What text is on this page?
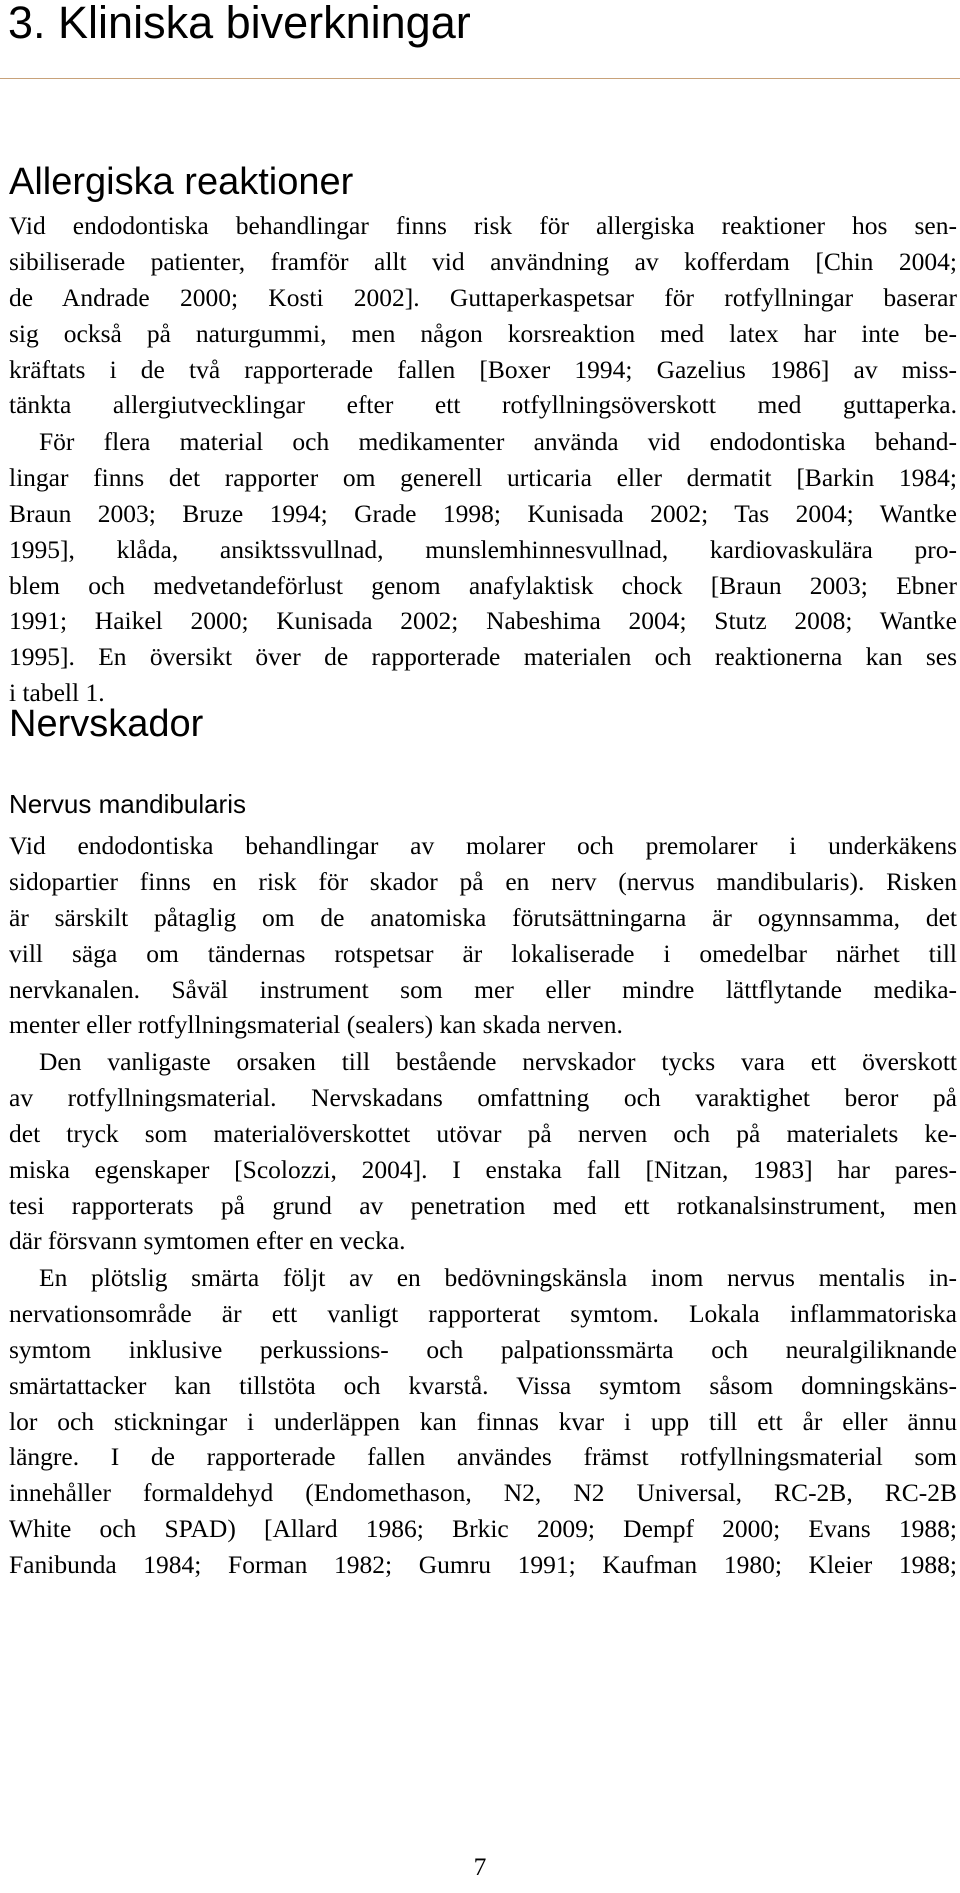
3. Kliniska biverkningar
Allergiska reaktioner
Vid endodontiska behandlingar finns risk för allergiska reaktioner hos sen-
sibiliserade patienter, framför allt vid användning av kofferdam [Chin 2004;
de Andrade 2000; Kosti 2002]. Guttaperkaspetsar för rotfyllningar baserar
sig också på naturgummi, men någon korsreaktion med latex har inte be-
kräftats i de två rapporterade fallen [Boxer 1994; Gazelius 1986] av miss-
tänkta allergiutvecklingar efter ett rotfyllningsöverskott med guttaperka.
För flera material och medikamenter använda vid endodontiska behand-
lingar finns det rapporter om generell urticaria eller dermatit [Barkin 1984;
Braun 2003; Bruze 1994; Grade 1998; Kunisada 2002; Tas 2004; Wantke
1995], klåda, ansiktssvullnad, munslemhinnesvullnad, kardiovaskulära pro-
blem och medvetandeförlust genom anafylaktisk chock [Braun 2003; Ebner
1991; Haikel 2000; Kunisada 2002; Nabeshima 2004; Stutz 2008; Wantke
1995]. En översikt över de rapporterade materialen och reaktionerna kan ses
i tabell 1.
Nervskador
Nervus mandibularis
Vid endodontiska behandlingar av molarer och premolarer i underkäkens
sidopartier finns en risk för skador på en nerv (nervus mandibularis). Risken
är särskilt påtaglig om de anatomiska förutsättningarna är ogynnsamma, det
vill säga om tändernas rotspetsar är lokaliserade i omedelbar närhet till
nervkanalen. Såväl instrument som mer eller mindre lättflytande medika-
menter eller rotfyllningsmaterial (sealers) kan skada nerven.
Den vanligaste orsaken till bestående nervskador tycks vara ett överskott
av rotfyllningsmaterial. Nervskadans omfattning och varaktighet beror på
det tryck som materialöverskottet utövar på nerven och på materialets ke-
miska egenskaper [Scolozzi, 2004]. I enstaka fall [Nitzan, 1983] har pares-
tesi rapporterats på grund av penetration med ett rotkanalsinstrument, men
där försvann symtomen efter en vecka.
En plötslig smärta följt av en bedövningskänsla inom nervus mentalis in-
nervationsområde är ett vanligt rapporterat symtom. Lokala inflammatoriska
symtom inklusive perkussions- och palpationssmärta och neuralgiliknande
smärtattacker kan tillstöta och kvarstå. Vissa symtom såsom domningskäns-
lor och stickningar i underläppen kan finnas kvar i upp till ett år eller ännu
längre. I de rapporterade fallen användes främst rotfyllningsmaterial som
innehåller formaldehyd (Endomethason, N2, N2 Universal, RC-2B, RC-2B
White och SPAD) [Allard 1986; Brkic 2009; Dempf 2000; Evans 1988;
Fanibunda 1984; Forman 1982; Gumru 1991; Kaufman 1980; Kleier 1988;
7
